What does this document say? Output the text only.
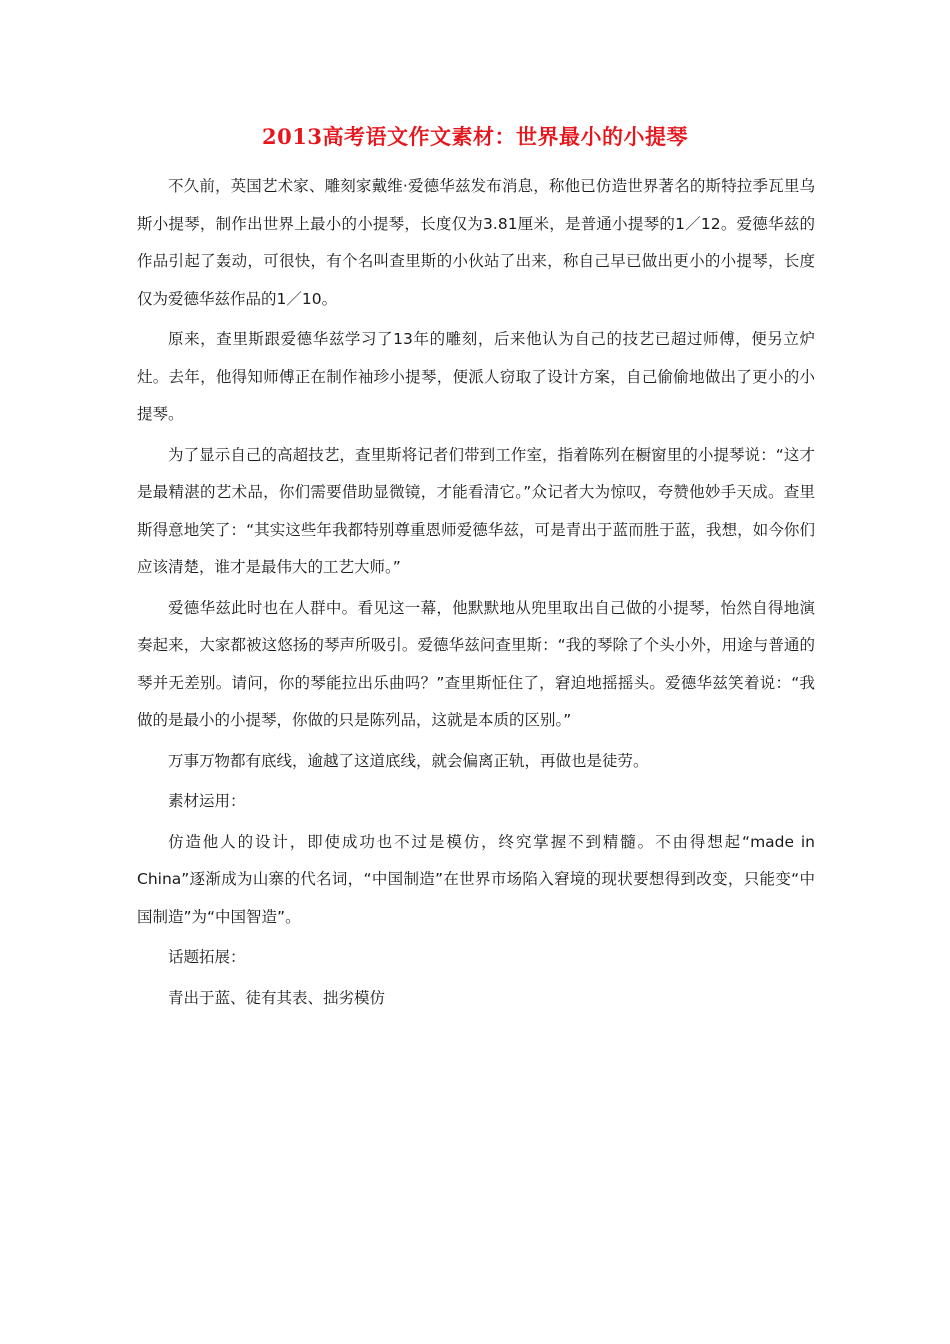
2013高考语文作文素材：世界最小的小提琴

不久前，英国艺术家、雕刻家戴维·爱德华兹发布消息，称他已仿造世界著名的斯特拉季瓦里乌斯小提琴，制作出世界上最小的小提琴，长度仅为3.81厘米，是普通小提琴的1／12。爱德华兹的作品引起了轰动，可很快，有个名叫查里斯的小伙站了出来，称自己早已做出更小的小提琴，长度仅为爱德华兹作品的1／10。

原来，查里斯跟爱德华兹学习了13年的雕刻，后来他认为自己的技艺已超过师傅，便另立炉灶。去年，他得知师傅正在制作袖珍小提琴，便派人窃取了设计方案，自己偷偷地做出了更小的小提琴。

为了显示自己的高超技艺，查里斯将记者们带到工作室，指着陈列在橱窗里的小提琴说：“这才是最精湛的艺术品，你们需要借助显微镜，才能看清它。”众记者大为惊叹，夸赞他妙手天成。查里斯得意地笑了：“其实这些年我都特别尊重恩师爱德华兹，可是青出于蓝而胜于蓝，我想，如今你们应该清楚，谁才是最伟大的工艺大师。”

爱德华兹此时也在人群中。看见这一幕，他默默地从兜里取出自己做的小提琴，怡然自得地演奏起来，大家都被这悠扬的琴声所吸引。爱德华兹问查里斯：“我的琴除了个头小外，用途与普通的琴并无差别。请问，你的琴能拉出乐曲吗？”查里斯怔住了，窘迫地摇摇头。爱德华兹笑着说：“我做的是最小的小提琴，你做的只是陈列品，这就是本质的区别。”

万事万物都有底线，逾越了这道底线，就会偏离正轨，再做也是徒劳。

素材运用：

仿造他人的设计，即使成功也不过是模仿，终究掌握不到精髓。不由得想起“made in China”逐渐成为山寨的代名词，“中国制造”在世界市场陷入窘境的现状要想得到改变，只能变“中国制造”为“中国智造”。

话题拓展：

青出于蓝、徒有其表、拙劣模仿
